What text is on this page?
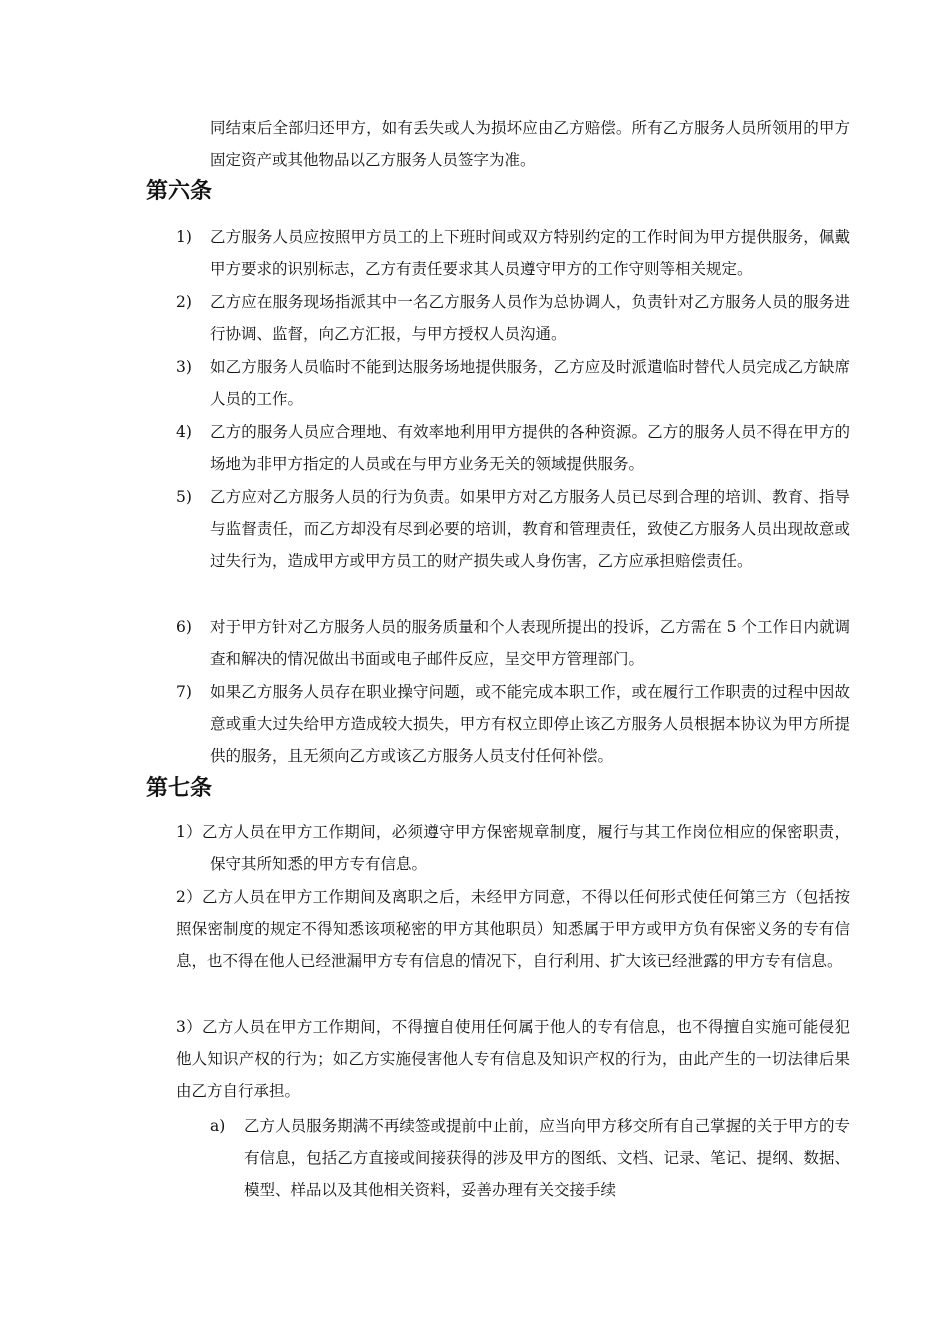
同结束后全部归还甲方，如有丢失或人为损坏应由乙方赔偿。所有乙方服务人员所领用的甲方固定资产或其他物品以乙方服务人员签字为准。

第六条
1) 乙方服务人员应按照甲方员工的上下班时间或双方特别约定的工作时间为甲方提供服务，佩戴甲方要求的识别标志，乙方有责任要求其人员遵守甲方的工作守则等相关规定。

2) 乙方应在服务现场指派其中一名乙方服务人员作为总协调人，负责针对乙方服务人员的服务进行协调、监督，向乙方汇报，与甲方授权人员沟通。

3) 如乙方服务人员临时不能到达服务场地提供服务，乙方应及时派遣临时替代人员完成乙方缺席人员的工作。

4) 乙方的服务人员应合理地、有效率地利用甲方提供的各种资源。乙方的服务人员不得在甲方的场地为非甲方指定的人员或在与甲方业务无关的领域提供服务。

5) 乙方应对乙方服务人员的行为负责。如果甲方对乙方服务人员已尽到合理的培训、教育、指导与监督责任，而乙方却没有尽到必要的培训，教育和管理责任，致使乙方服务人员出现故意或过失行为，造成甲方或甲方员工的财产损失或人身伤害，乙方应承担赔偿责任。

6) 对于甲方针对乙方服务人员的服务质量和个人表现所提出的投诉，乙方需在 5 个工作日内就调查和解决的情况做出书面或电子邮件反应，呈交甲方管理部门。

7) 如果乙方服务人员存在职业操守问题，或不能完成本职工作，或在履行工作职责的过程中因故意或重大过失给甲方造成较大损失，甲方有权立即停止该乙方服务人员根据本协议为甲方所提供的服务，且无须向乙方或该乙方服务人员支付任何补偿。

第七条

1）乙方人员在甲方工作期间，必须遵守甲方保密规章制度，履行与其工作岗位相应的保密职责，保守其所知悉的甲方专有信息。

2）乙方人员在甲方工作期间及离职之后，未经甲方同意，不得以任何形式使任何第三方（包括按照保密制度的规定不得知悉该项秘密的甲方其他职员）知悉属于甲方或甲方负有保密义务的专有信息，也不得在他人已经泄漏甲方专有信息的情况下，自行利用、扩大该已经泄露的甲方专有信息。

3）乙方人员在甲方工作期间，不得擅自使用任何属于他人的专有信息，也不得擅自实施可能侵犯他人知识产权的行为；如乙方实施侵害他人专有信息及知识产权的行为，由此产生的一切法律后果由乙方自行承担。

a) 乙方人员服务期满不再续签或提前中止前，应当向甲方移交所有自己掌握的关于甲方的专有信息，包括乙方直接或间接获得的涉及甲方的图纸、文档、记录、笔记、提纲、数据、模型、样品以及其他相关资料，妥善办理有关交接手续
